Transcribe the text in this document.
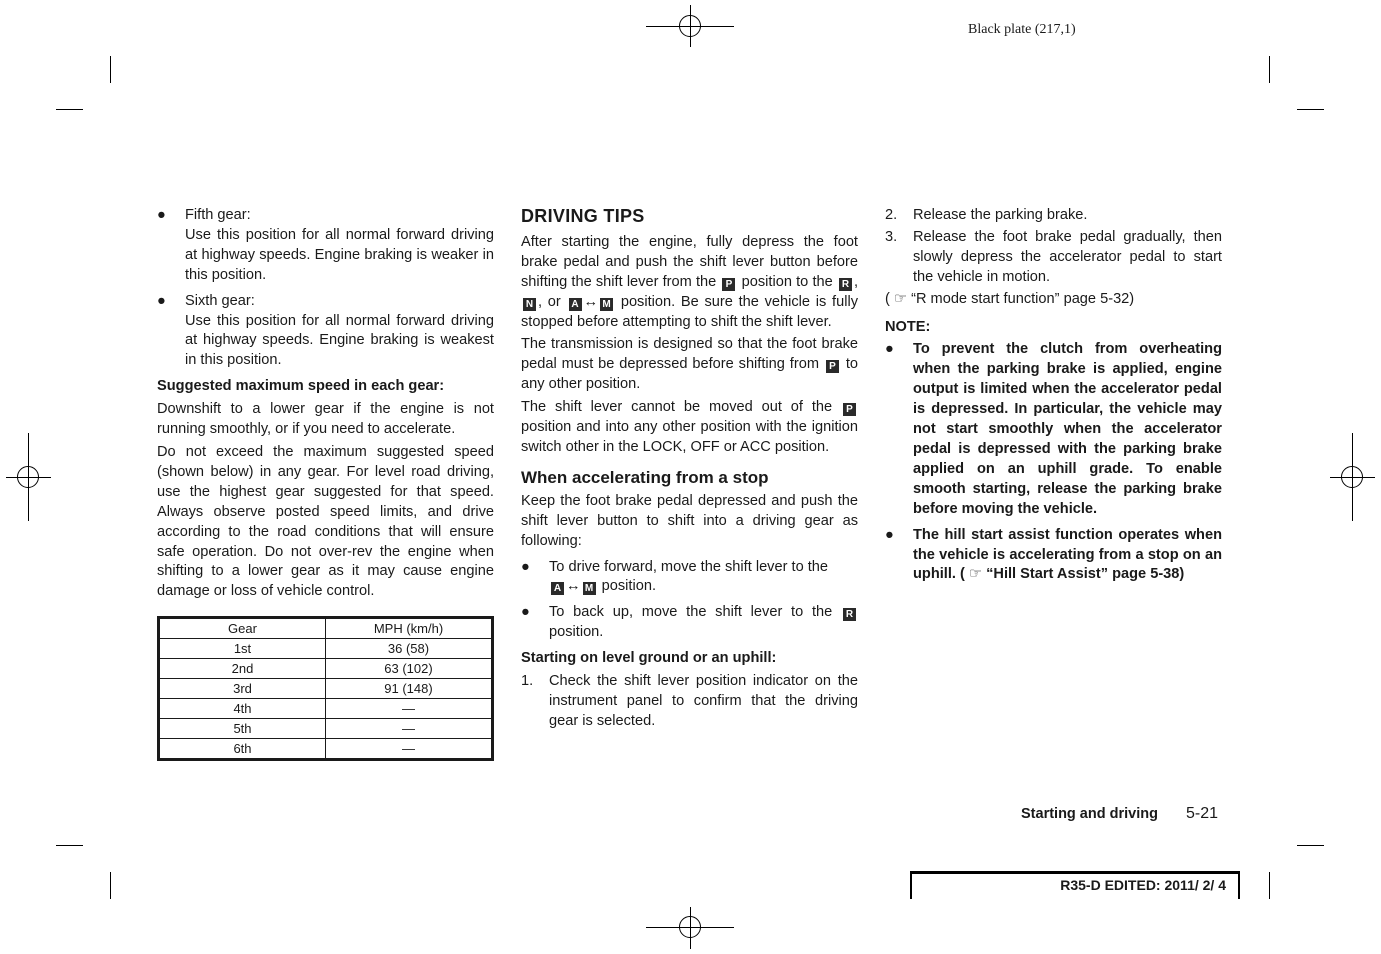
Black plate (217,1)
● Fifth gear:

Use this position for all normal forward driving at highway speeds. Engine braking is weaker in this position.

● Sixth gear:

Use this position for all normal forward driving at highway speeds. Engine braking is weakest in this position.

Suggested maximum speed in each gear:

Downshift to a lower gear if the engine is not running smoothly, or if you need to accelerate.

Do not exceed the maximum suggested speed (shown below) in any gear. For level road driving, use the highest gear suggested for that speed. Always observe posted speed limits, and drive according to the road conditions that will ensure safe operation. Do not over-rev the engine when shifting to a lower gear as it may cause engine damage or loss of vehicle control.

Gear	MPH (km/h)
1st	36 (58)
2nd	63 (102)
3rd	91 (148)
4th	—
5th	—
6th	—
DRIVING TIPS

After starting the engine, fully depress the foot brake pedal and push the shift lever button before shifting the shift lever from the P position to the R , N , or A ↔ M position. Be sure the vehicle is fully stopped before attempting to shift the shift lever.

The transmission is designed so that the foot brake pedal must be depressed before shifting from P to any other position.

The shift lever cannot be moved out of the P position and into any other position with the ignition switch other in the LOCK, OFF or ACC position.

When accelerating from a stop

Keep the foot brake pedal depressed and push the shift lever button to shift into a driving gear as following:

● To drive forward, move the shift lever to the
A ↔ M position.

● To back up, move the shift lever to the R position.

Starting on level ground or an uphill:
1. Check the shift lever position indicator on the instrument panel to confirm that the driving gear is selected.

2. Release the parking brake.

3. Release the foot brake pedal gradually, then slowly depress the accelerator pedal to start the vehicle in motion.

( ☞ “R mode start function” page 5-32)

NOTE:
● To prevent the clutch from overheating when the parking brake is applied, engine output is limited when the accelerator pedal is depressed. In particular, the vehicle may not start smoothly when the accelerator pedal is depressed with the parking brake applied on an uphill grade. To enable smooth starting, release the parking brake before moving the vehicle.

● The hill start assist function operates when the vehicle is accelerating from a stop on an uphill. ( ☞ “Hill Start Assist” page 5-38)

Starting and driving 5-21
R35-D EDITED: 2011/ 2/ 4
